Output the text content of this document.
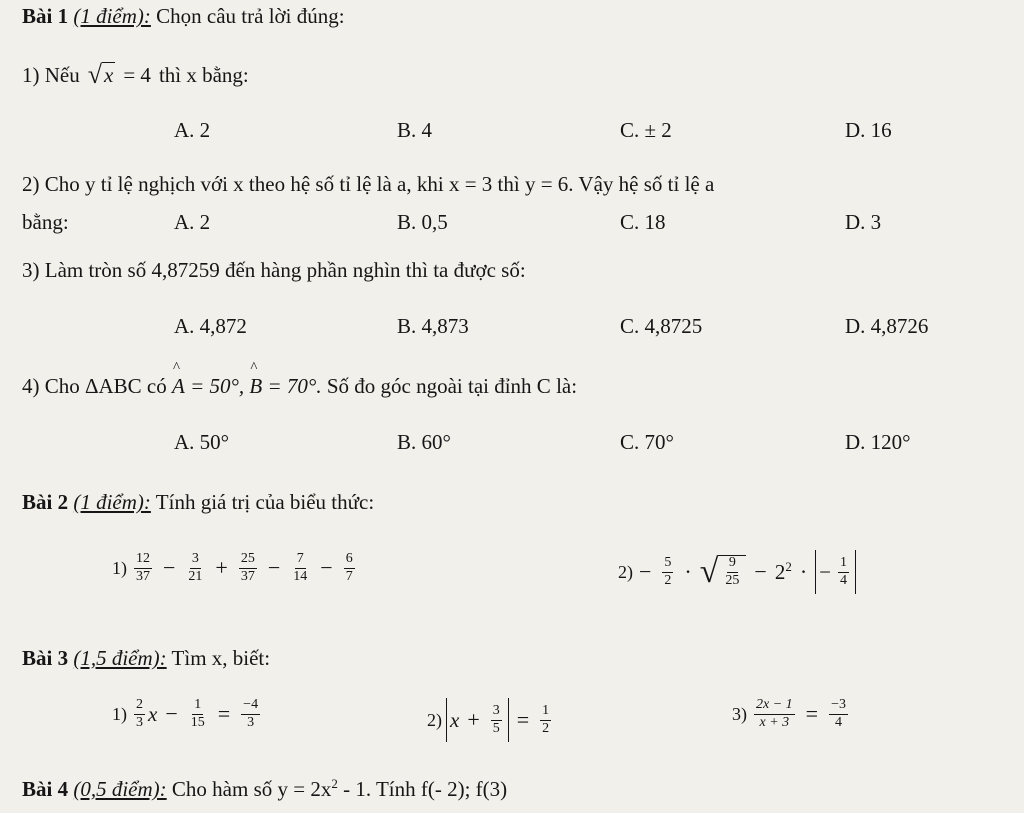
Bài 1 (1 điểm): Chọn câu trả lời đúng:
1) Nếu √ x = 4 thì x bằng:
A. 2	B. 4	C. ± 2	D. 16
2) Cho y tỉ lệ nghịch với x theo hệ số tỉ lệ là a, khi x = 3 thì y = 6. Vậy hệ số tỉ lệ a
bằng:	A. 2	B. 0,5	C. 18	D. 3
3) Làm tròn số 4,87259 đến hàng phần nghìn thì ta được số:
A. 4,872	B. 4,873	C. 4,8725	D. 4,8726
4) Cho ΔABC có ^ A = 50°, ^ B = 70°. Số đo góc ngoài tại đỉnh C là:
A. 50°	B. 60°	C. 70°	D. 120°
Bài 2 (1 điểm): Tính giá trị của biểu thức:
$1) \frac{12}{37} - \frac{3}{21} + \frac{25}{37} - \frac{7}{14} - \frac{6}{7}$	$2) - \frac{5}{2}$ · √ $\frac{9}{25} - 2^2$ · − $\frac{1}{4}$
Bài 3 (1,5 điểm): Tìm x, biết:
$1) \frac{2}{3}$ $x - \frac{1}{15} = \frac{-4}{3}$	2) $x + \frac{3}{5} = \frac{1}{2}$	$3) \frac{2x - 1}{x + 3} = \frac{-3}{4}$
Bài 4 (0,5 điểm): Cho hàm số $y = 2x^2 - 1$. Tính f(- 2); f(3)
